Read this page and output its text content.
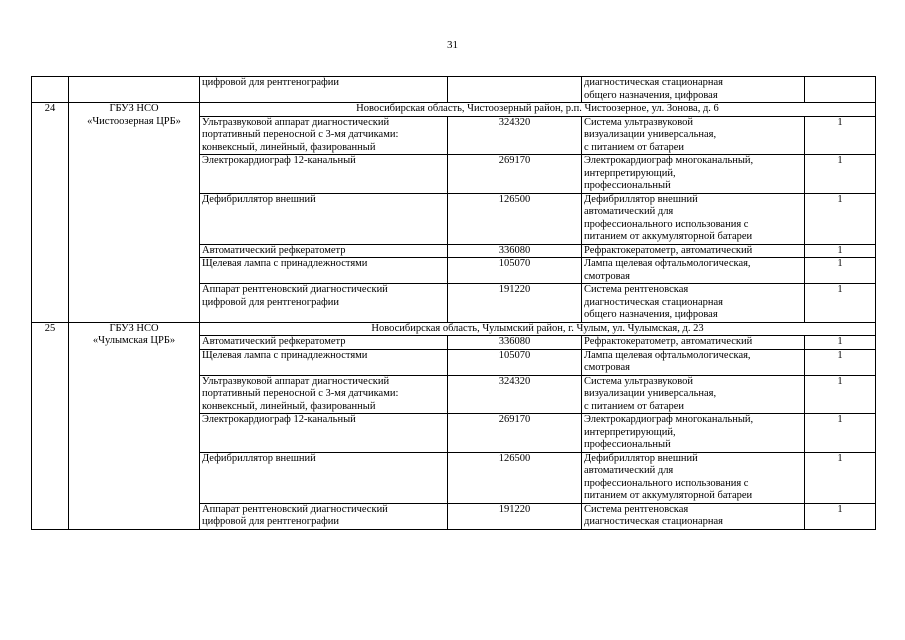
31
		цифровой для рентгенографии		диагностическая стационарная
общего назначения, цифровая	
24	ГБУЗ НСО
«Чистоозерная ЦРБ»	Новосибирская область, Чистоозерный район, р.п. Чистоозерное, ул. Зонова, д. 6			
		Ультразвуковой аппарат диагностический
портативный переносной с 3-мя датчиками:
конвексный, линейный, фазированный	324320	Система ультразвуковой
визуализации универсальная,
с питанием от батареи	1
		Электрокардиограф 12-канальный	269170	Электрокардиограф многоканальный,
интерпретирующий,
профессиональный	1
		Дефибриллятор внешний	126500	Дефибриллятор внешний
автоматический для
профессионального использования с
питанием от аккумуляторной батареи	1
		Автоматический рефкератометр	336080	Рефрактокератометр, автоматический	1
		Щелевая лампа с принадлежностями	105070	Лампа щелевая офтальмологическая,
смотровая	1
		Аппарат рентгеновский диагностический
цифровой для рентгенографии	191220	Система рентгеновская
диагностическая стационарная
общего назначения, цифровая	1
25	ГБУЗ НСО
«Чулымская ЦРБ»	Новосибирская область, Чулымский район, г. Чулым, ул. Чулымская, д. 23			
		Автоматический рефкератометр	336080	Рефрактокератометр, автоматический	1
		Щелевая лампа с принадлежностями	105070	Лампа щелевая офтальмологическая,
смотровая	1
		Ультразвуковой аппарат диагностический
портативный переносной с 3-мя датчиками:
конвексный, линейный, фазированный	324320	Система ультразвуковой
визуализации универсальная,
с питанием от батареи	1
		Электрокардиограф 12-канальный	269170	Электрокардиограф многоканальный,
интерпретирующий,
профессиональный	1
		Дефибриллятор внешний	126500	Дефибриллятор внешний
автоматический для
профессионального использования с
питанием от аккумуляторной батареи	1
		Аппарат рентгеновский диагностический
цифровой для рентгенографии	191220	Система рентгеновская
диагностическая стационарная	1
